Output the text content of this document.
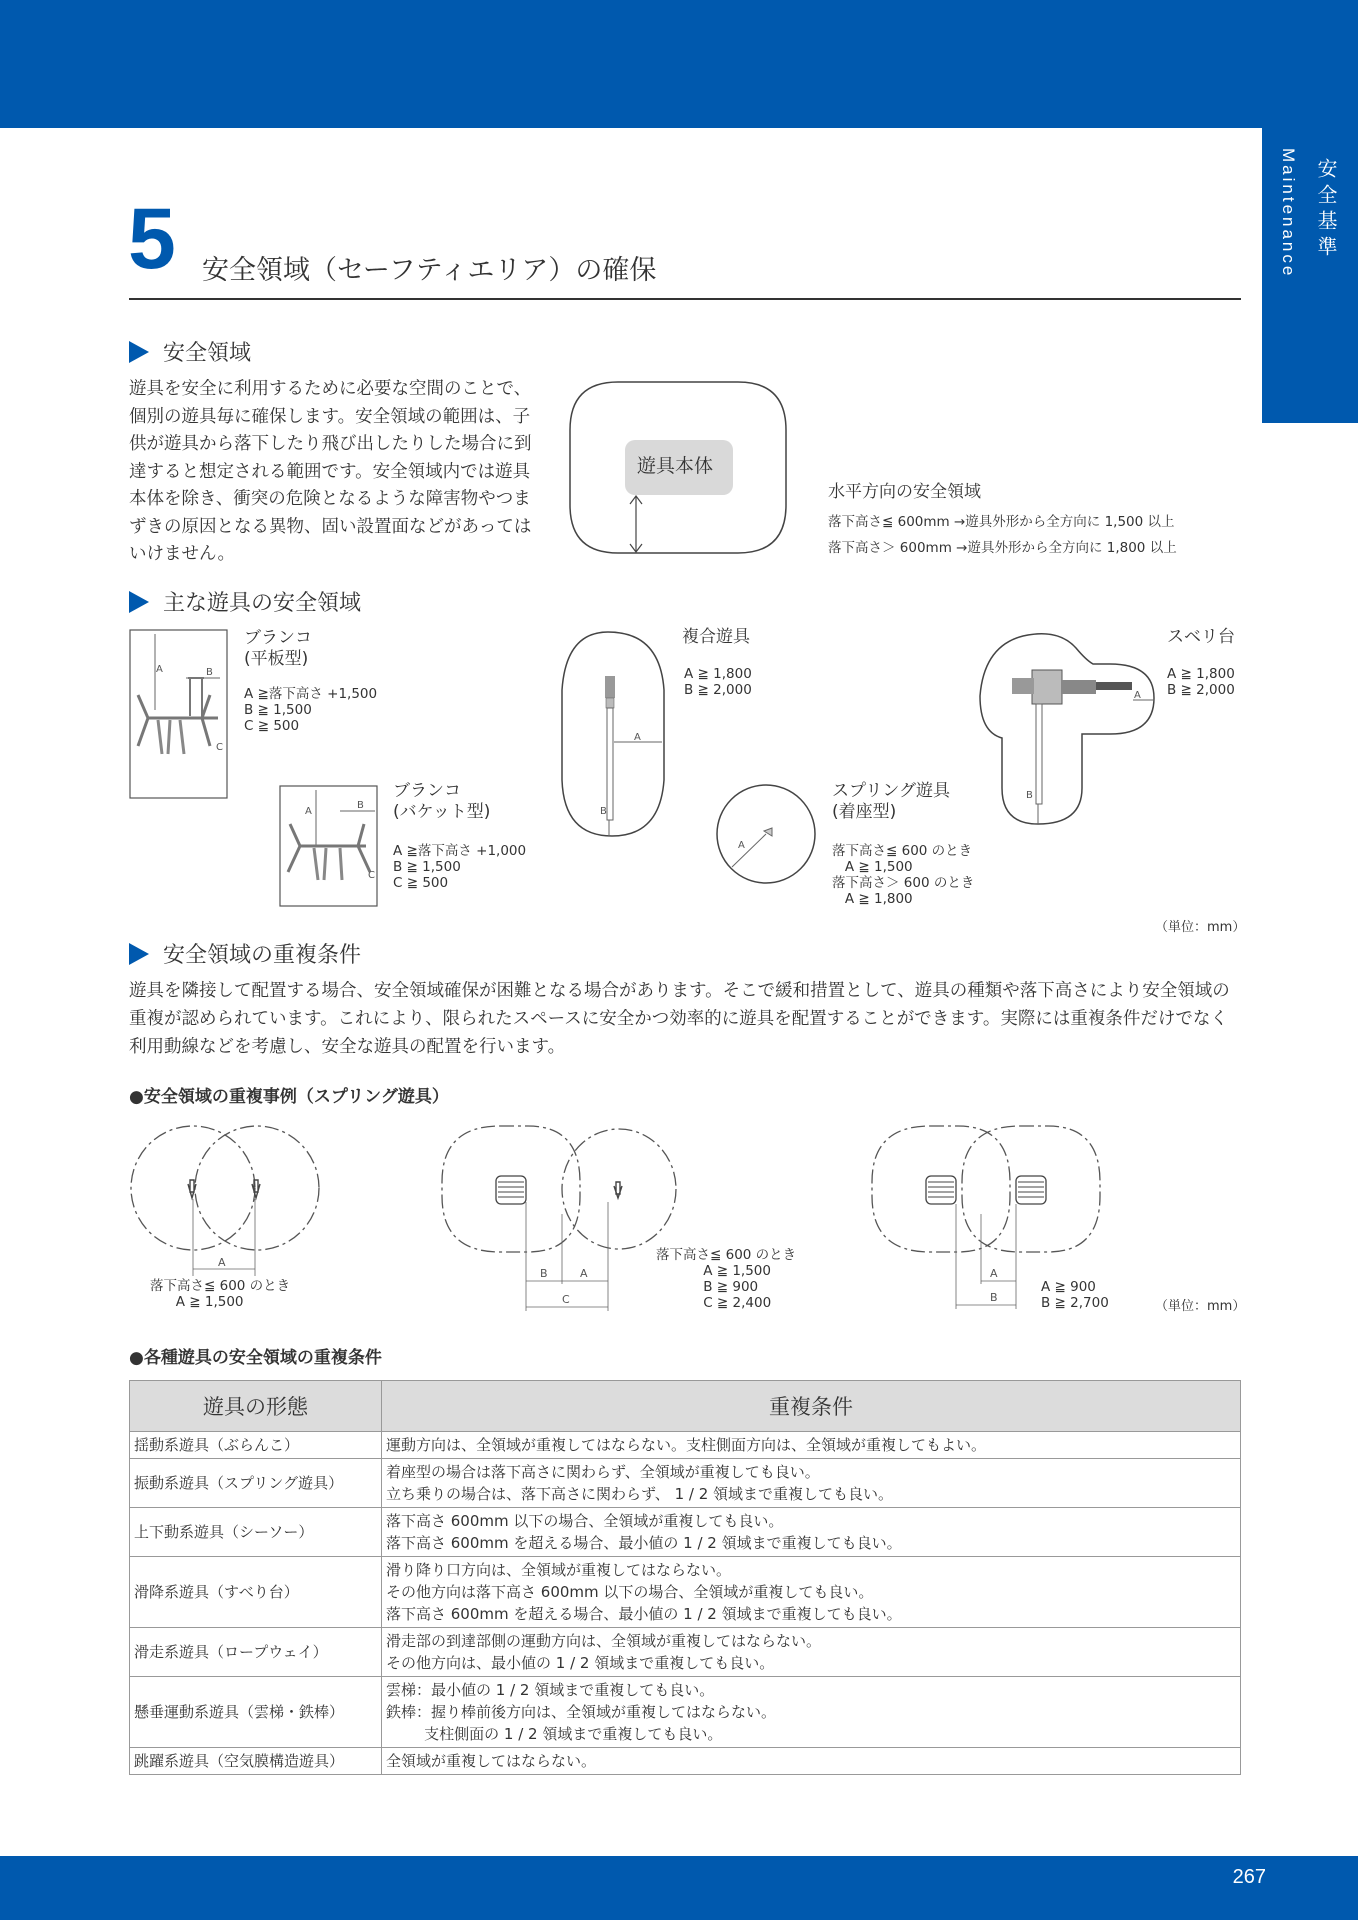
安全基準
Maintenance
5 安全領域（セーフティエリア）の確保
安全領域
遊具を安全に利用するために必要な空間のことで、個別の遊具毎に確保します。安全領域の範囲は、子供が遊具から落下したり飛び出したりした場合に到達すると想定される範囲です。安全領域内では遊具本体を除き、衝突の危険となるような障害物やつまずきの原因となる異物、固い設置面などがあってはいけません。
遊具本体
水平方向の安全領域
落下高さ≦ 600mm →遊具外形から全方向に 1,500 以上
落下高さ＞ 600mm →遊具外形から全方向に 1,800 以上
主な遊具の安全領域
A	B
C
ブランコ
(平板型)
A ≧落下高さ +1,500
B ≧ 1,500
C ≧ 500
A
B
C
ブランコ
(バケット型)
A ≧落下高さ +1,000
B ≧ 1,500
C ≧ 500
A
B
複合遊具
A ≧ 1,800
B ≧ 2,000
A
スプリング遊具
(着座型)
落下高さ≦ 600 のとき
A ≧ 1,500
落下高さ＞ 600 のとき
A ≧ 1,800
A
B
スベリ台
A ≧ 1,800
B ≧ 2,000
（単位：mm）
安全領域の重複条件
遊具を隣接して配置する場合、安全領域確保が困難となる場合があります。そこで緩和措置として、遊具の種類や落下高さにより安全領域の重複が認められています。これにより、限られたスペースに安全かつ効率的に遊具を配置することができます。実際には重複条件だけでなく利用動線などを考慮し、安全な遊具の配置を行います。
●安全領域の重複事例（スプリング遊具）
A
落下高さ≦ 600 のとき
A ≧ 1,500
B	A
C
落下高さ≦ 600 のとき
A ≧ 1,500
B ≧ 900
C ≧ 2,400
A
B
A ≧ 900
B ≧ 2,700	（単位：mm）
●各種遊具の安全領域の重複条件
遊具の形態	重複条件
揺動系遊具（ぶらんこ）	運動方向は、全領域が重複してはならない。支柱側面方向は、全領域が重複してもよい。

振動系遊具（スプリング遊具）	着座型の場合は落下高さに関わらず、全領域が重複しても良い。
立ち乗りの場合は、落下高さに関わらず、 1 / 2 領域まで重複しても良い。

上下動系遊具（シーソー）	落下高さ 600mm 以下の場合、全領域が重複しても良い。
落下高さ 600mm を超える場合、最小値の 1 / 2 領域まで重複しても良い。

滑降系遊具（すべり台）	滑り降り口方向は、全領域が重複してはならない。
その他方向は落下高さ 600mm 以下の場合、全領域が重複しても良い。
落下高さ 600mm を超える場合、最小値の 1 / 2 領域まで重複しても良い。

滑走系遊具（ロープウェイ）	滑走部の到達部側の運動方向は、全領域が重複してはならない。
その他方向は、最小値の 1 / 2 領域まで重複しても良い。

懸垂運動系遊具（雲梯・鉄棒）	雲梯：最小値の 1 / 2 領域まで重複しても良い。
鉄棒：握り棒前後方向は、全領域が重複してはならない。
支柱側面の 1 / 2 領域まで重複しても良い。

跳躍系遊具（空気膜構造遊具）	全領域が重複してはならない。
267
